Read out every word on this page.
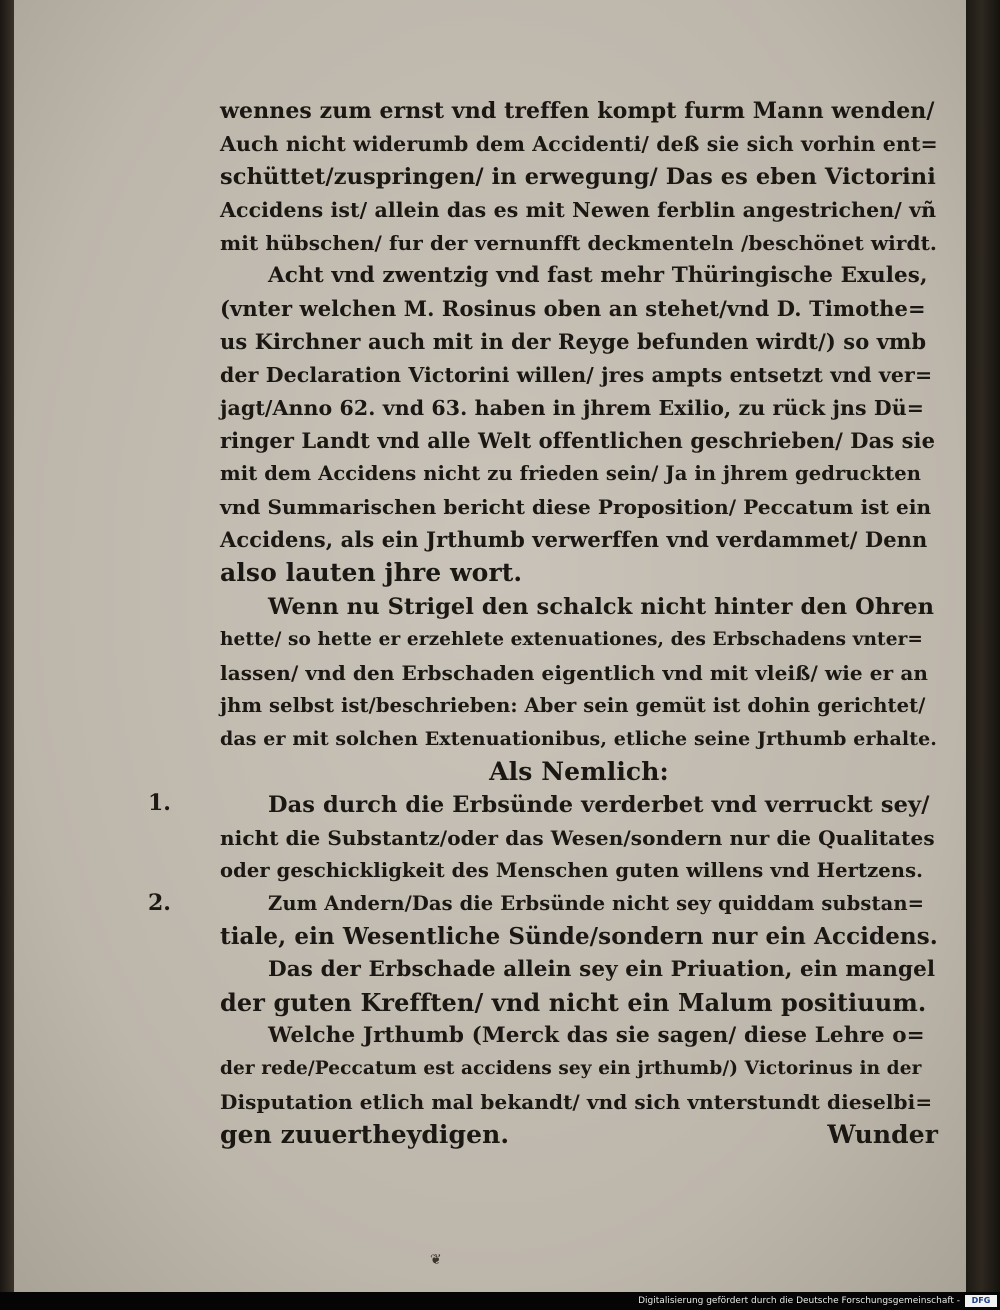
wennes zum ernst vnd treffen kompt furm Mann wenden/
Auch nicht widerumb dem Accidenti/ deß sie sich vorhin ent=
schüttet/zuspringen/ in erwegung/ Das es eben Victorini
Accidens ist/ allein das es mit Newen ferblin angestrichen/ vñ
mit hübschen/ fur der vernunfft deckmenteln /beschönet wirdt.
Acht vnd zwentzig vnd fast mehr Thüringische Exules,
(vnter welchen M. Rosinus oben an stehet/vnd D. Timothe=
us Kirchner auch mit in der Reyge befunden wirdt/) so vmb
der Declaration Victorini willen/ jres ampts entsetzt vnd ver=
jagt/Anno 62. vnd 63. haben in jhrem Exilio, zu rück jns Dü=
ringer Landt vnd alle Welt offentlichen geschrieben/ Das sie
mit dem Accidens nicht zu frieden sein/ Ja in jhrem gedruckten
vnd Summarischen bericht diese Proposition/ Peccatum ist ein
Accidens, als ein Jrthumb verwerffen vnd verdammet/ Denn
also lauten jhre wort.
Wenn nu Strigel den schalck nicht hinter den Ohren
hette/ so hette er erzehlete extenuationes, des Erbschadens vnter=
lassen/ vnd den Erbschaden eigentlich vnd mit vleiß/ wie er an
jhm selbst ist/beschrieben: Aber sein gemüt ist dohin gerichtet/
das er mit solchen Extenuationibus, etliche seine Jrthumb erhalte.
Als Nemlich:
Das durch die Erbsünde verderbet vnd verruckt sey/
nicht die Substantz/oder das Wesen/sondern nur die Qualitates
oder geschickligkeit des Menschen guten willens vnd Hertzens.
Zum Andern/Das die Erbsünde nicht sey quiddam substan=
tiale, ein Wesentliche Sünde/sondern nur ein Accidens.
Das der Erbschade allein sey ein Priuation, ein mangel
der guten Krefften/ vnd nicht ein Malum positiuum.
Welche Jrthumb (Merck das sie sagen/ diese Lehre o=
der rede/Peccatum est accidens sey ein jrthumb/) Victorinus in der
Disputation etlich mal bekandt/ vnd sich vnterstundt dieselbi=
gen zuuertheydigen.	Wunder
1.
2.
❦
Digitalisierung gefördert durch die Deutsche Forschungsgemeinschaft -	DFG
